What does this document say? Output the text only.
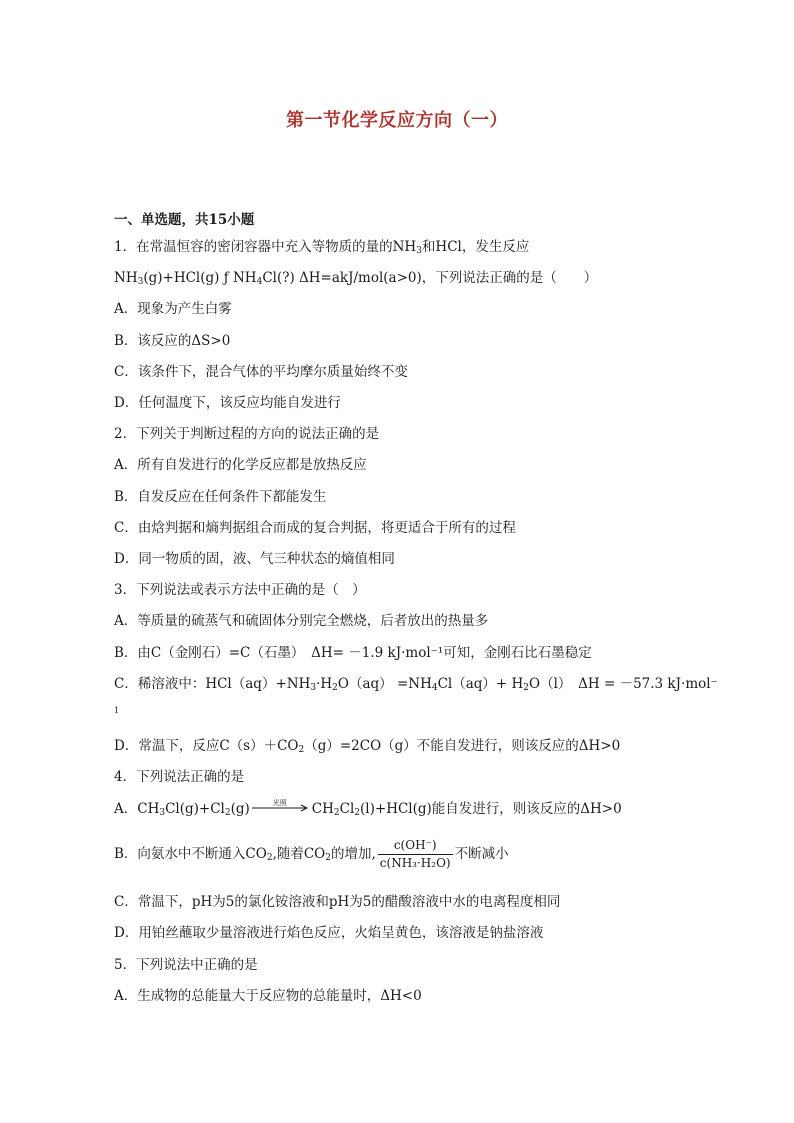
第一节化学反应方向（一）
一、单选题，共15小题
1．在常温恒容的密闭容器中充入等物质的量的NH3和HCl，发生反应
NH3(g)+HCl(g) ƒ NH4Cl(?) ΔH=akJ/mol(a>0)，下列说法正确的是（　　）
A．现象为产生白雾
B．该反应的ΔS>0
C．该条件下，混合气体的平均摩尔质量始终不变
D．任何温度下，该反应均能自发进行
2．下列关于判断过程的方向的说法正确的是
A．所有自发进行的化学反应都是放热反应
B．自发反应在任何条件下都能发生
C．由焓判据和熵判据组合而成的复合判据，将更适合于所有的过程
D．同一物质的固，液、气三种状态的熵值相同
3．下列说法或表示方法中正确的是（　）
A．等质量的硫蒸气和硫固体分别完全燃烧，后者放出的热量多
B．由C（金刚石）=C（石墨）　ΔH= －1.9 kJ·mol⁻¹可知，金刚石比石墨稳定
C．稀溶液中：HCl（aq）+NH3·H2O（aq） =NH4Cl（aq）+ H2O（l）　ΔH = －57.3 kJ·mol⁻
1
D．常温下，反应C（s）＋CO2（g）=2CO（g）不能自发进行，则该反应的ΔH>0
4．下列说法正确的是
A．CH3Cl(g)+Cl2(g)	光照	CH2Cl2(l)+HCl(g)能自发进行，则该反应的ΔH>0
B．向氨水中不断通入CO2,随着CO2的增加, $\frac{c(OH^-)}{\text{c(NH₃·H₂O)}}$ 不断减小
C．常温下，pH为5的氯化铵溶液和pH为5的醋酸溶液中水的电离程度相同
D．用铂丝蘸取少量溶液进行焰色反应，火焰呈黄色，该溶液是钠盐溶液
5．下列说法中正确的是
A．生成物的总能量大于反应物的总能量时，ΔH<0
